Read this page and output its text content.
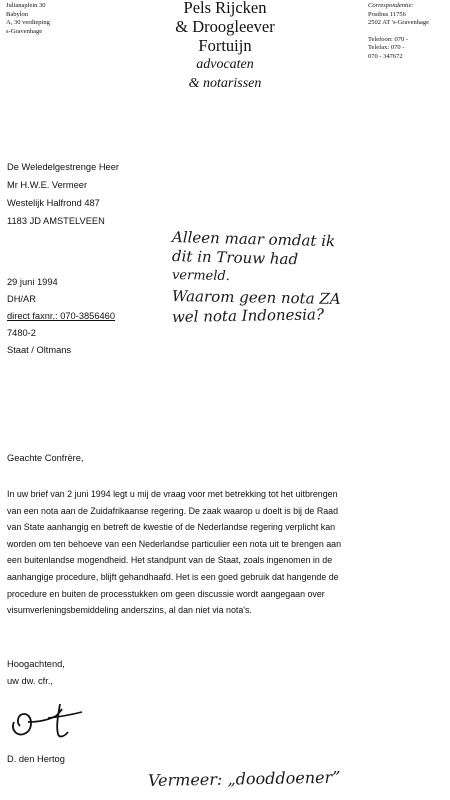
Julianaplein 30
Babylon
A, 30 verdieping
s-Gravenhage
Pels Rijcken
& Droogleever
Fortuijn
advocaten
& notarissen
Correspondentie:
Postbus 11756
2502 AT 's-Gravenhage
Telefoon: 070 -
Telefax: 070 -
070 - 347672
De Weledelgestrenge Heer
Mr H.W.E. Vermeer
Westelijk Halfrond 487
1183 JD AMSTELVEEN
29 juni 1994
DH/AR
direct faxnr.: 070-3856460
7480-2
Staat / Oltmans
Alleen maar omdat ik
dit in Trouw had
vermeld.
Waarom geen nota ZA
wel nota Indonesia?
Geachte Confrère,
In uw brief van 2 juni 1994 legt u mij de vraag voor met betrekking tot het uitbrengen
van een nota aan de Zuidafrikaanse regering. De zaak waarop u doelt is bij de Raad
van State aanhangig en betreft de kwestie of de Nederlandse regering verplicht kan
worden om ten behoeve van een Nederlandse particulier een nota uit te brengen aan
een buitenlandse mogendheid. Het standpunt van de Staat, zoals ingenomen in de
aanhangige procedure, blijft gehandhaafd. Het is een goed gebruik dat hangende de
procedure en buiten de processtukken om geen discussie wordt aangegaan over
visumverleningsbemiddeling anderszins, al dan niet via nota's.
Hoogachtend,
uw dw. cfr.,
D. den Hertog
Vermeer: „dooddoener”
